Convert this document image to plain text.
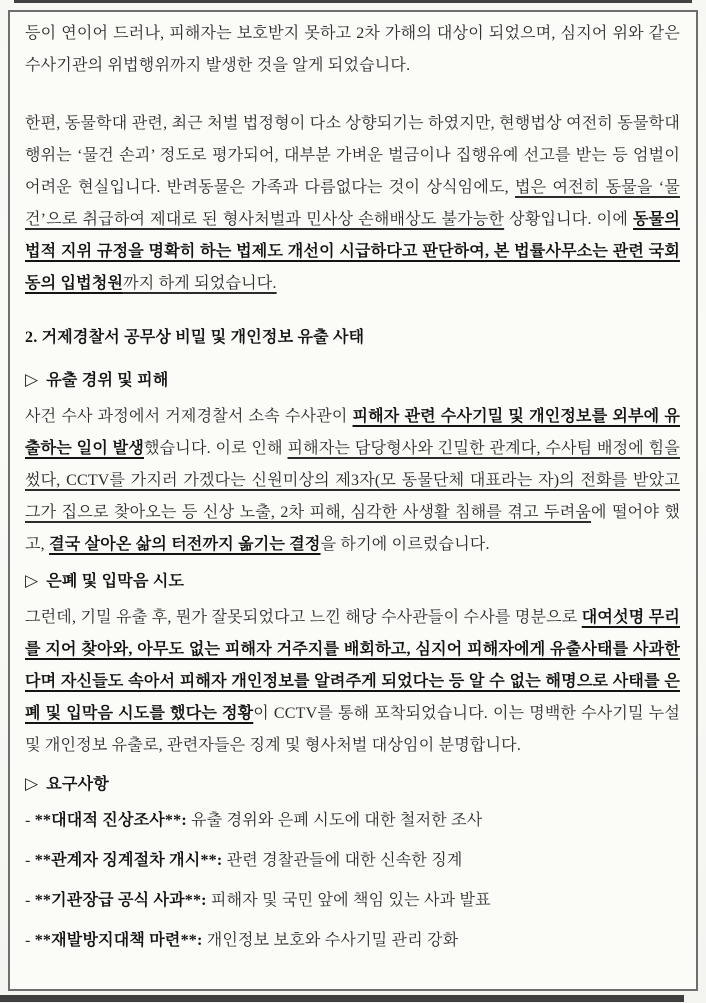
등이 연이어 드러나, 피해자는 보호받지 못하고 2차 가해의 대상이 되었으며, 심지어 위와 같은 수사기관의 위법행위까지 발생한 것을 알게 되었습니다.

한편, 동물학대 관련, 최근 처벌 법정형이 다소 상향되기는 하였지만, 현행법상 여전히 동물학대 행위는 ‘물건 손괴’ 정도로 평가되어, 대부분 가벼운 벌금이나 집행유예 선고를 받는 등 엄벌이 어려운 현실입니다. 반려동물은 가족과 다름없다는 것이 상식임에도, 법은 여전히 동물을 ‘물건’으로 취급하여 제대로 된 형사처벌과 민사상 손해배상도 불가능한 상황입니다. 이에 동물의 법적 지위 규정을 명확히 하는 법제도 개선이 시급하다고 판단하여, 본 법률사무소는 관련 국회동의 입법청원까지 하게 되었습니다.

2. 거제경찰서 공무상 비밀 및 개인정보 유출 사태

▷ 유출 경위 및 피해

사건 수사 과정에서 거제경찰서 소속 수사관이 피해자 관련 수사기밀 및 개인정보를 외부에 유출하는 일이 발생했습니다. 이로 인해 피해자는 담당형사와 긴밀한 관계다, 수사팀 배정에 힘을 썼다, CCTV를 가지러 가겠다는 신원미상의 제3자(모 동물단체 대표라는 자)의 전화를 받았고 그가 집으로 찾아오는 등 신상 노출, 2차 피해, 심각한 사생활 침해를 겪고 두려움에 떨어야 했고, 결국 살아온 삶의 터전까지 옮기는 결정을 하기에 이르렀습니다.

▷ 은폐 및 입막음 시도

그런데, 기밀 유출 후, 뭔가 잘못되었다고 느낀 해당 수사관들이 수사를 명분으로 대여섯명 무리를 지어 찾아와, 아무도 없는 피해자 거주지를 배회하고, 심지어 피해자에게 유출사태를 사과한다며 자신들도 속아서 피해자 개인정보를 알려주게 되었다는 등 알 수 없는 해명으로 사태를 은폐 및 입막음 시도를 했다는 정황이 CCTV를 통해 포착되었습니다. 이는 명백한 수사기밀 누설 및 개인정보 유출로, 관련자들은 징계 및 형사처벌 대상임이 분명합니다.

▷ 요구사항

- **대대적 진상조사**: 유출 경위와 은폐 시도에 대한 철저한 조사

- **관계자 징계절차 개시**: 관련 경찰관들에 대한 신속한 징계

- **기관장급 공식 사과**: 피해자 및 국민 앞에 책임 있는 사과 발표

- **재발방지대책 마련**: 개인정보 보호와 수사기밀 관리 강화
